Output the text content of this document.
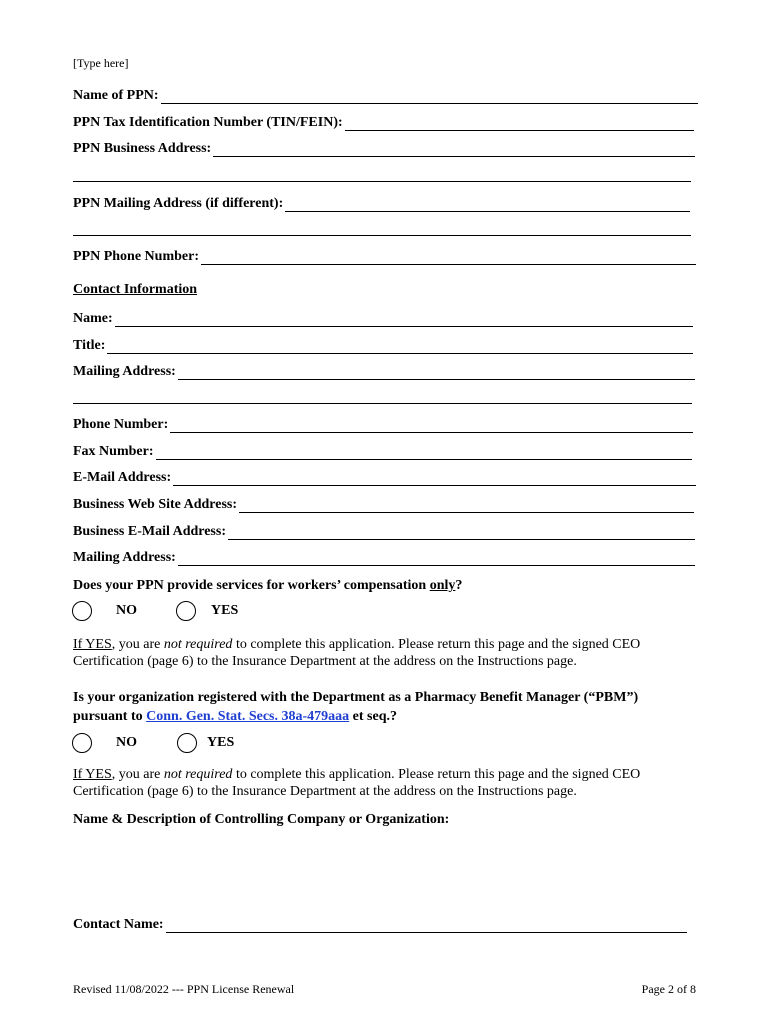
[Type here]
Name of PPN:
PPN Tax Identification Number (TIN/FEIN):
PPN Business Address:
PPN Mailing Address (if different):
PPN Phone Number:
Contact Information
Name:
Title:
Mailing Address:
Phone Number:
Fax Number:
E-Mail Address:
Business Web Site Address:
Business E-Mail Address:
Mailing Address:
Does your PPN provide services for workers’ compensation only?
NO	YES
If YES, you are not required to complete this application. Please return this page and the signed CEO Certification (page 6) to the Insurance Department at the address on the Instructions page.
Is your organization registered with the Department as a Pharmacy Benefit Manager (“PBM”)
pursuant to Conn. Gen. Stat. Secs. 38a-479aaa et seq.?
NO	YES
If YES, you are not required to complete this application. Please return this page and the signed CEO Certification (page 6) to the Insurance Department at the address on the Instructions page.
Name & Description of Controlling Company or Organization:
Contact Name:
Revised 11/08/2022 --- PPN License Renewal	Page 2 of 8
